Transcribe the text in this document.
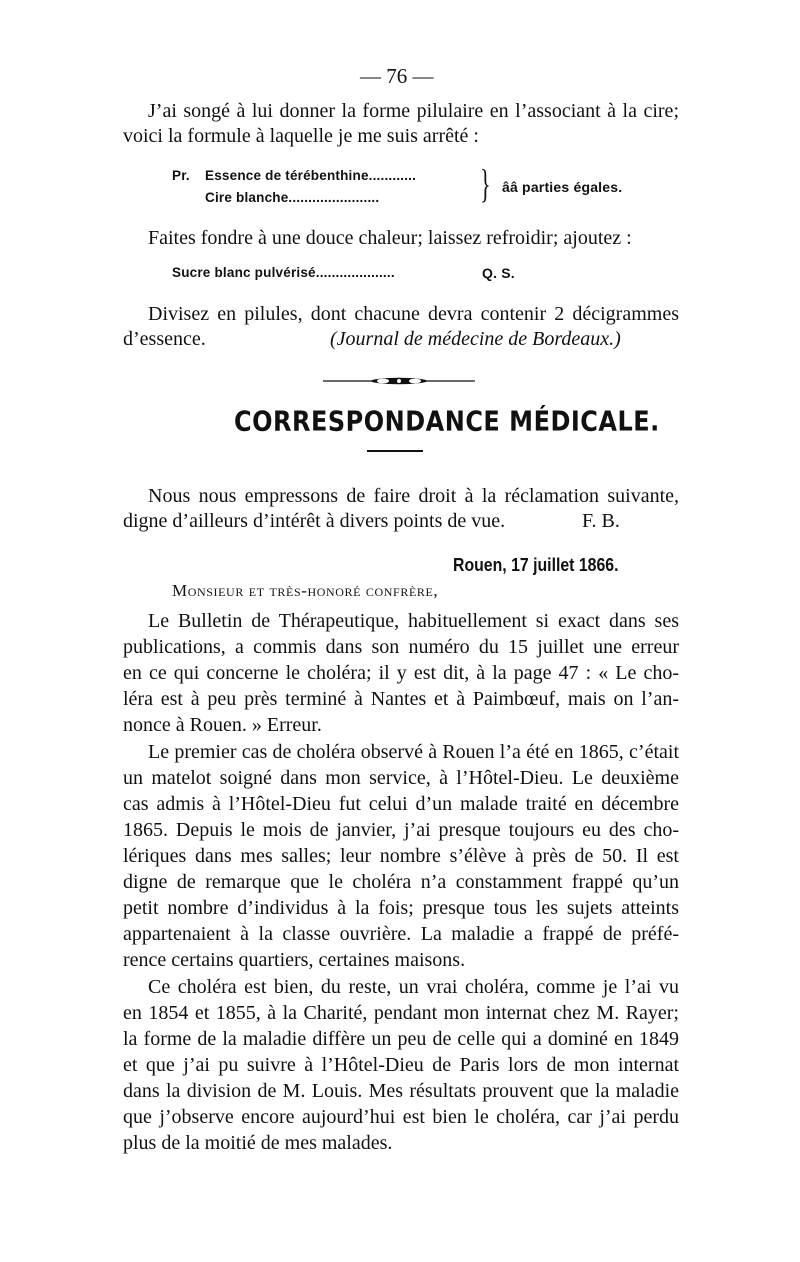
— 76 —
J’ai songé à lui donner la forme pilulaire en l’associant à la cire;
voici la formule à laquelle je me suis arrêté :
Pr. Essence de térébenthine............
Cire blanche.......................	} ââ parties égales.
Faites fondre à une douce chaleur; laissez refroidir; ajoutez :
Sucre blanc pulvérisé....................	Q. S.
Divisez en pilules, dont chacune devra contenir 2 décigrammes
d’essence.	(Journal de médecine de Bordeaux.)
CORRESPONDANCE MÉDICALE.
Nous nous empressons de faire droit à la réclamation suivante,
digne d’ailleurs d’intérêt à divers points de vue.	F. B.
Rouen, 17 juillet 1866.
Monsieur et très-honoré confrère,
Le Bulletin de Thérapeutique, habituellement si exact dans ses
publications, a commis dans son numéro du 15 juillet une erreur
en ce qui concerne le choléra; il y est dit, à la page 47 : « Le cho-
léra est à peu près terminé à Nantes et à Paimbœuf, mais on l’an-
nonce à Rouen. » Erreur.
Le premier cas de choléra observé à Rouen l’a été en 1865, c’était
un matelot soigné dans mon service, à l’Hôtel-Dieu. Le deuxième
cas admis à l’Hôtel-Dieu fut celui d’un malade traité en décembre
1865. Depuis le mois de janvier, j’ai presque toujours eu des cho-
lériques dans mes salles; leur nombre s’élève à près de 50. Il est
digne de remarque que le choléra n’a constamment frappé qu’un
petit nombre d’individus à la fois; presque tous les sujets atteints
appartenaient à la classe ouvrière. La maladie a frappé de préfé-
rence certains quartiers, certaines maisons.
Ce choléra est bien, du reste, un vrai choléra, comme je l’ai vu
en 1854 et 1855, à la Charité, pendant mon internat chez M. Rayer;
la forme de la maladie diffère un peu de celle qui a dominé en 1849
et que j’ai pu suivre à l’Hôtel-Dieu de Paris lors de mon internat
dans la division de M. Louis. Mes résultats prouvent que la maladie
que j’observe encore aujourd’hui est bien le choléra, car j’ai perdu
plus de la moitié de mes malades.
